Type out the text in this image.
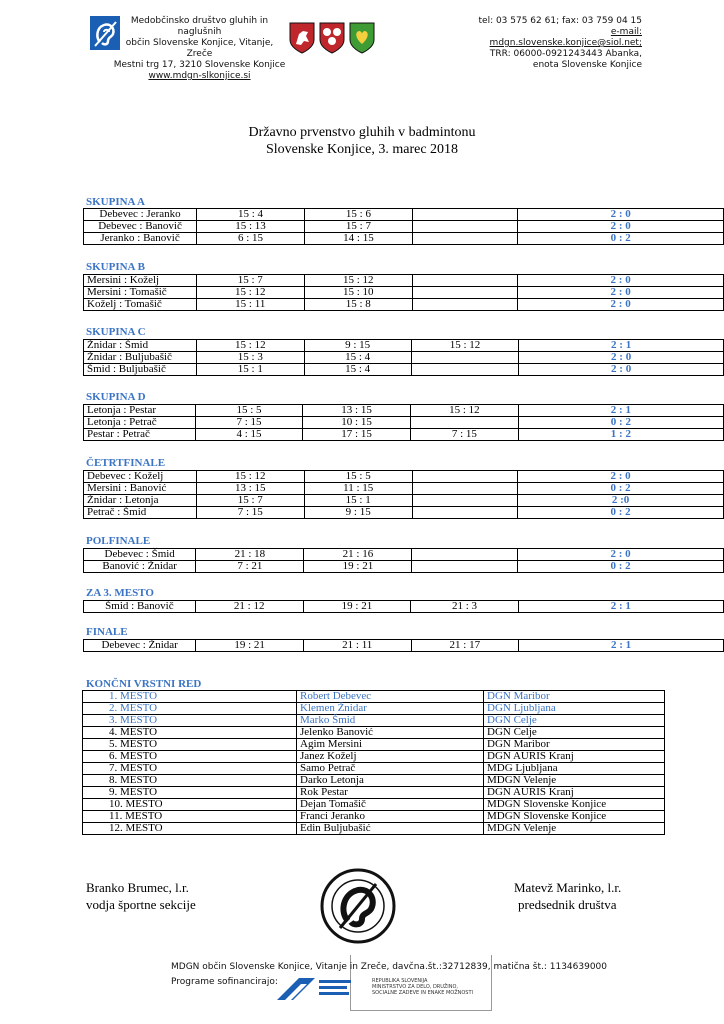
Medobčinsko društvo gluhih in naglušnih
občin Slovenske Konjice, Vitanje, Zreče
Mestni trg 17, 3210 Slovenske Konjice
www.mdgn-slkonjice.si
tel: 03 575 62 61; fax: 03 759 04 15
e-mail: mdgn.slovenske.konjice@siol.net;
TRR: 06000-0921243443 Abanka,
enota Slovenske Konjice
Državno prvenstvo gluhih v badmintonu
Slovenske Konjice, 3. marec 2018
SKUPINA A
Debevec : Jeranko	15 : 4	15 : 6		2 : 0
Debevec : Banovič	15 : 13	15 : 7		2 : 0
Jeranko : Banovič	6 : 15	14 : 15		0 : 2
SKUPINA B
Mersini : Koželj	15 : 7	15 : 12		2 : 0
Mersini : Tomašič	15 : 12	15 : 10		2 : 0
Koželj : Tomašič	15 : 11	15 : 8		2 : 0
SKUPINA C
Žnidar : Šmid	15 : 12	9 : 15	15 : 12	2 : 1
Žnidar : Buljubašič	15 : 3	15 : 4		2 : 0
Šmid : Buljubašič	15 : 1	15 : 4		2 : 0
SKUPINA D
Letonja : Pestar	15 : 5	13 : 15	15 : 12	2 : 1
Letonja : Petrač	7 : 15	10 : 15		0 : 2
Pestar : Petrač	4 : 15	17 : 15	7 : 15	1 : 2
ČETRTFINALE
Debevec : Koželj	15 : 12	15 : 5		2 : 0
Mersini : Banović	13 : 15	11 : 15		0 : 2
Žnidar : Letonja	15 : 7	15 : 1		2 :0
Petrač : Šmid	7 : 15	9 : 15		0 : 2
POLFINALE
Debevec : Šmid	21 : 18	21 : 16		2 : 0
Banović : Žnidar	7 : 21	19 : 21		0 : 2
ZA 3. MESTO
Šmid : Banovič	21 : 12	19 : 21	21 : 3	2 : 1
FINALE
Debevec : Žnidar	19 : 21	21 : 11	21 : 17	2 : 1
KONČNI VRSTNI RED
1. MESTO	Robert Debevec	DGN Maribor
2. MESTO	Klemen Žnidar	DGN Ljubljana
3. MESTO	Marko Šmid	DGN Celje
4. MESTO	Jelenko Banović	DGN Celje
5. MESTO	Agim Mersini	DGN Maribor
6. MESTO	Janez Koželj	DGN AURIS Kranj
7. MESTO	Samo Petrač	MDG Ljubljana
8. MESTO	Darko Letonja	MDGN Velenje
9. MESTO	Rok Pestar	DGN AURIS Kranj
10. MESTO	Dejan Tomašič	MDGN Slovenske Konjice
11. MESTO	Franci Jeranko	MDGN Slovenske Konjice
12. MESTO	Edin Buljubašić	MDGN Velenje
Branko Brumec, l.r.
vodja športne sekcije
Matevž Marinko, l.r.
predsednik društva
MDGN občin Slovenske Konjice, Vitanje in Zreče, davčna.št.:32712839, matična št.: 1134639000
Programe sofinancirajo:	REPUBLIKA SLOVENIJA
MINISTRSTVO ZA DELO, DRUŽINO,
SOCIALNE ZADEVE IN ENAKE MOŽNOSTI
